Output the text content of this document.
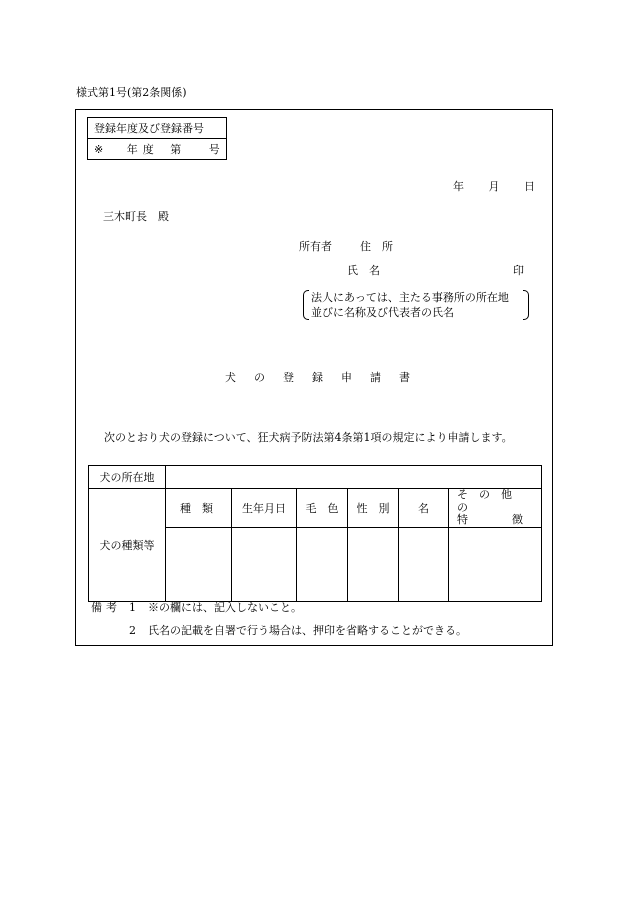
様式第1号(第2条関係)
登録年度及び登録番号
※ 年度 第	号
年 月 日
三木町長　殿
所有者	住　所
氏　名	印
法人にあっては、主たる事務所の所在地
並びに名称及び代表者の氏名
犬の登録申請書
次のとおり犬の登録について、狂犬病予防法第4条第1項の規定により申請します。
犬の所在地						
犬の種類等	種　類	生年月日	毛　色	性　別	名	そ　の　他　の
特　　　　徴

備考 1 ※の欄には、記入しないこと。
2 氏名の記載を自署で行う場合は、押印を省略することができる。
